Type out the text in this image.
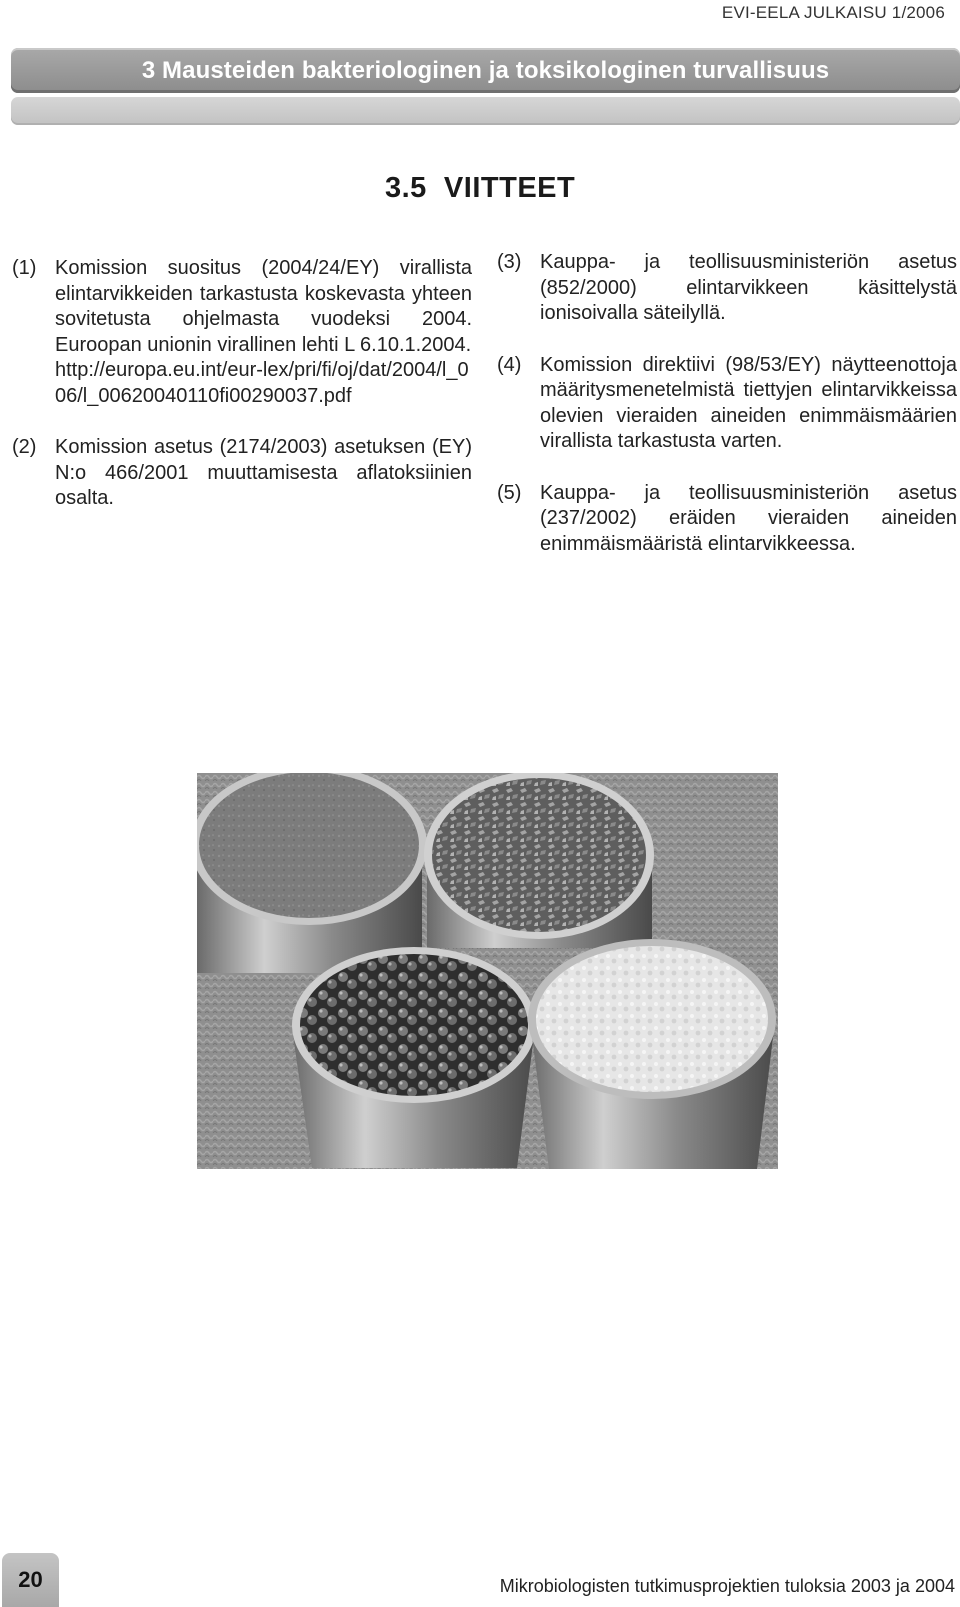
EVI-EELA JULKAISU 1/2006
3 Mausteiden bakteriologinen ja toksikologinen turvallisuus
3.5  VIITTEET
(1) Komission suositus (2004/24/EY) virallista elintarvikkeiden tarkastusta koskevasta yhteen sovitetusta ohjelmasta vuodeksi 2004. Euroopan unionin virallinen lehti L 6.10.1.2004.
http://europa.eu.int/eur-lex/pri/fi/oj/dat/2004/l_006/l_00620040110fi00290037.pdf
(2) Komission asetus (2174/2003) asetuksen (EY) N:o 466/2001 muuttamisesta aflatoksiinien osalta.
(3) Kauppa- ja teollisuusministeriön asetus (852/2000) elintarvikkeen käsittelystä ionisoivalla säteilyllä.
(4) Komission direktiivi (98/53/EY) näytteenottoja määritysmenetelmistä tiettyjen elintarvikkeissa olevien vieraiden aineiden enimmäismäärien virallista tarkastusta varten.
(5) Kauppa- ja teollisuusministeriön asetus (237/2002) eräiden vieraiden aineiden enimmäismääristä elintarvikkeessa.
20	Mikrobiologisten tutkimusprojektien tuloksia 2003 ja 2004
